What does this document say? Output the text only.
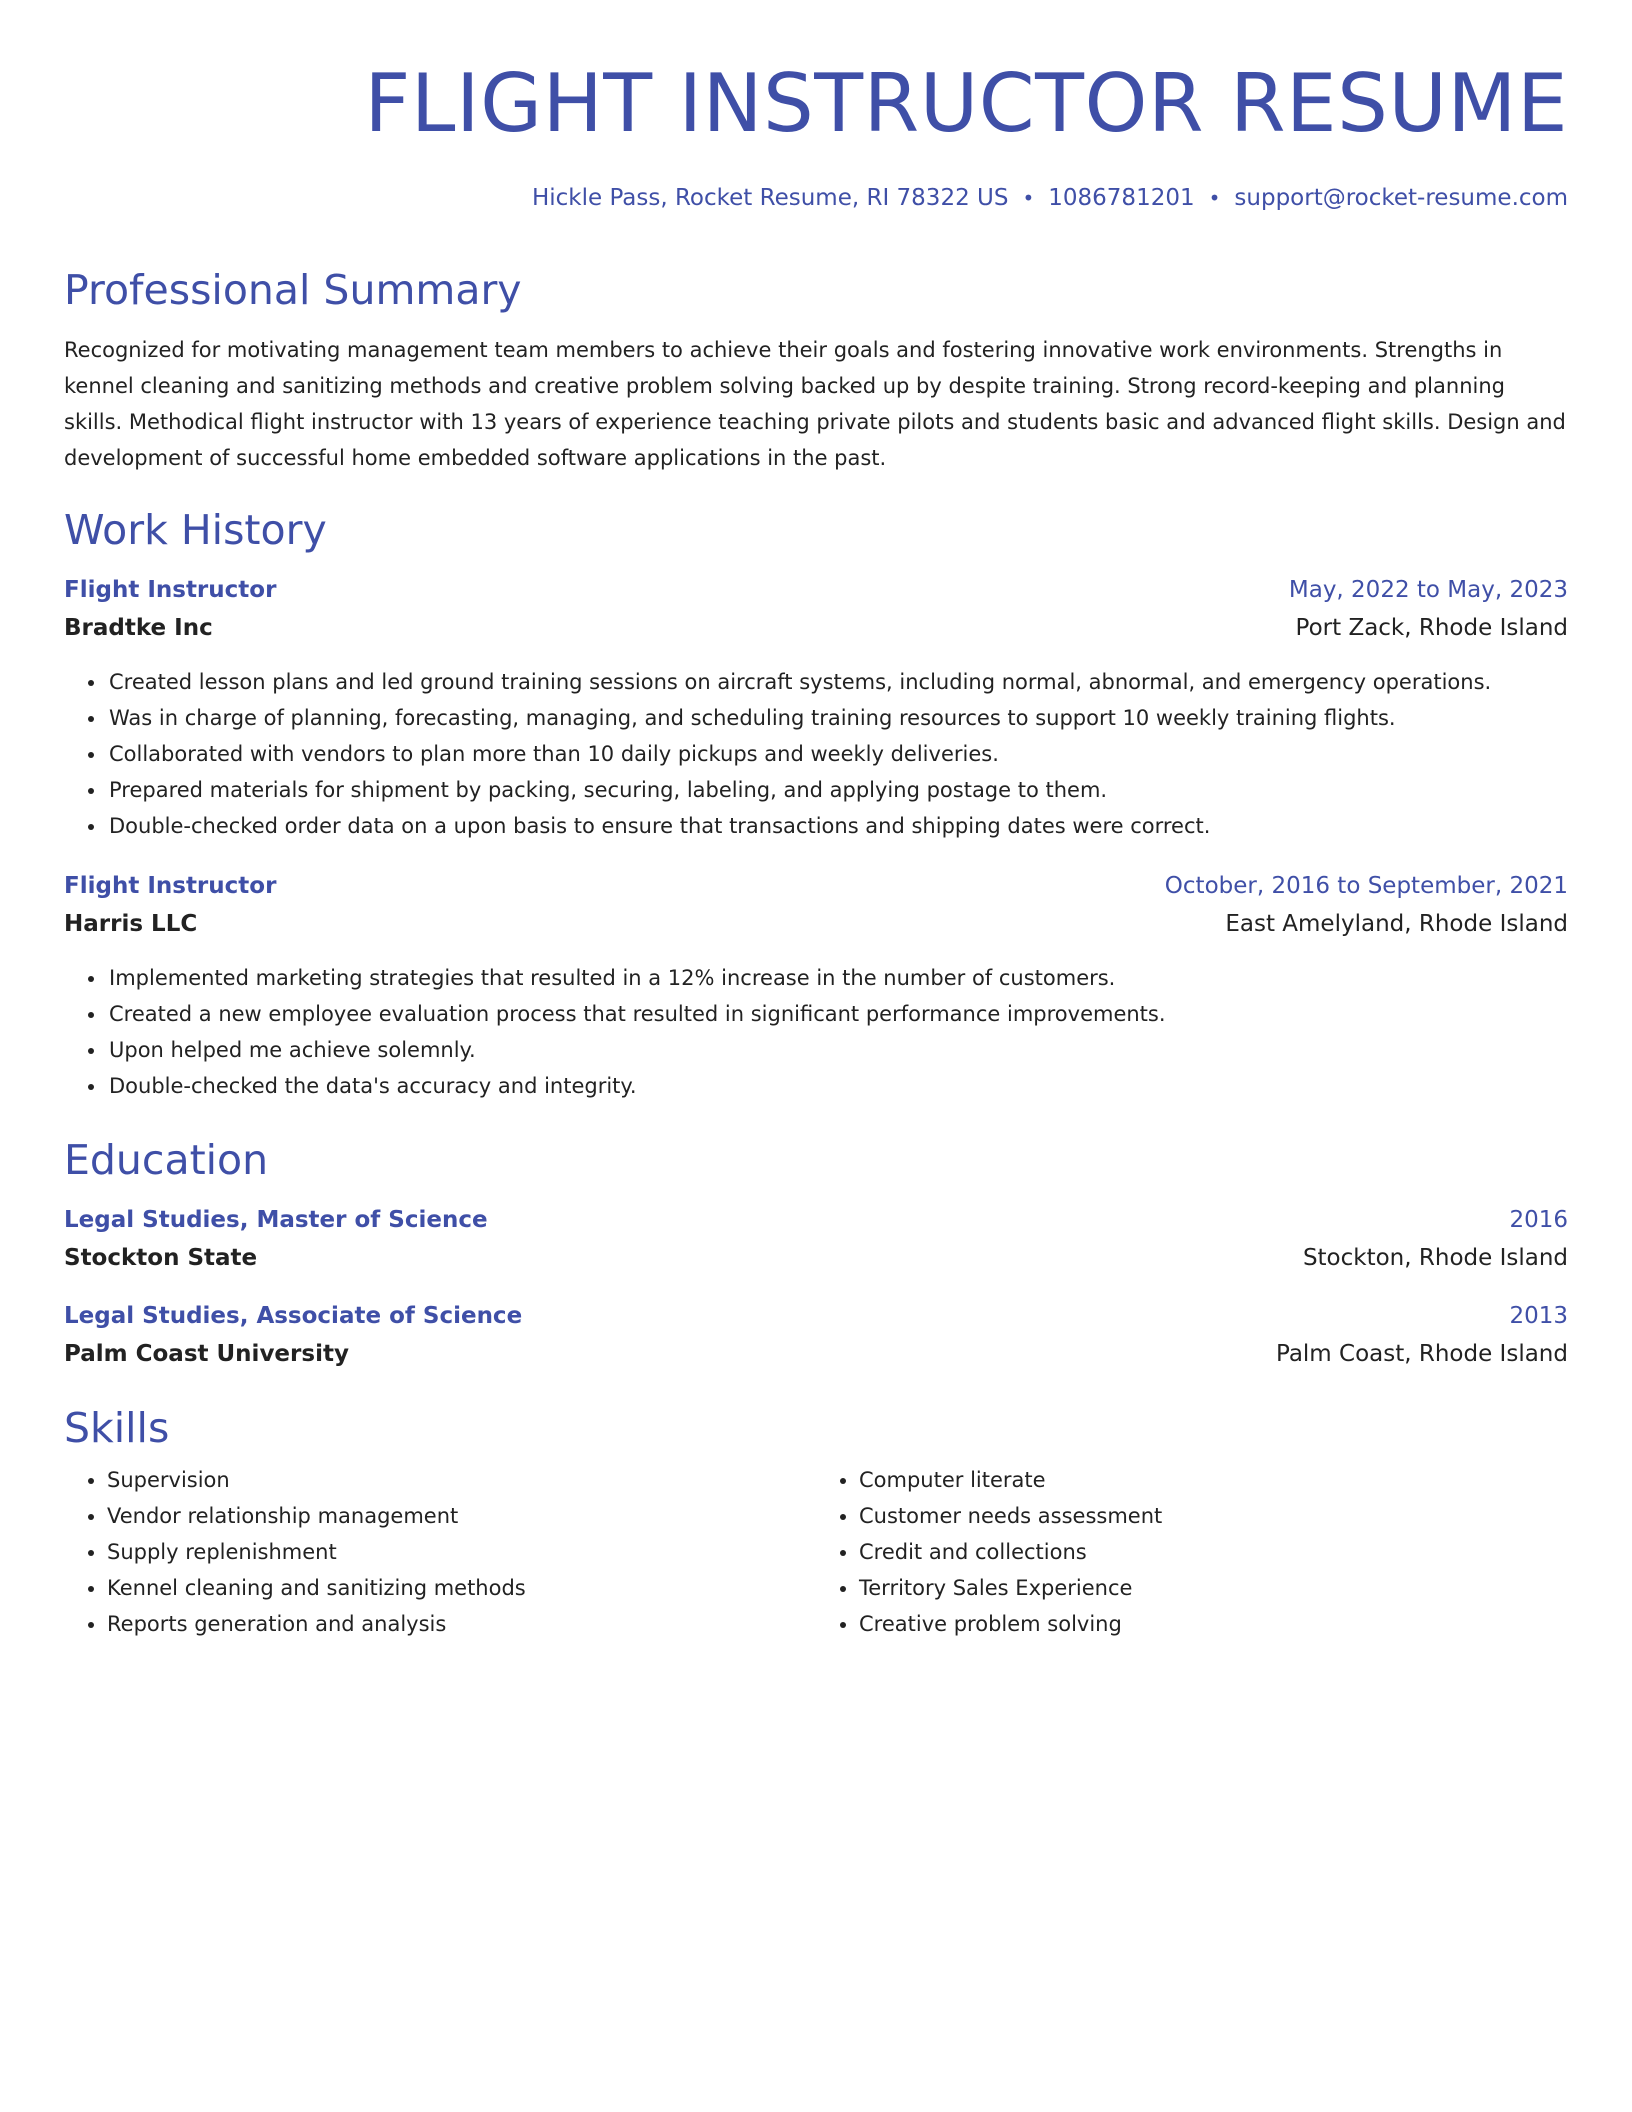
FLIGHT INSTRUCTOR RESUME
Hickle Pass, Rocket Resume, RI 78322 US • 1086781201 • support@rocket-resume.com
Professional Summary
Recognized for motivating management team members to achieve their goals and fostering innovative work environments. Strengths in kennel cleaning and sanitizing methods and creative problem solving backed up by despite training. Strong record-keeping and planning skills. Methodical flight instructor with 13 years of experience teaching private pilots and students basic and advanced flight skills. Design and development of successful home embedded software applications in the past.
Work History
Flight Instructor	May, 2022 to May, 2023
Bradtke Inc	Port Zack, Rhode Island
• Created lesson plans and led ground training sessions on aircraft systems, including normal, abnormal, and emergency operations.
• Was in charge of planning, forecasting, managing, and scheduling training resources to support 10 weekly training flights.
• Collaborated with vendors to plan more than 10 daily pickups and weekly deliveries.
• Prepared materials for shipment by packing, securing, labeling, and applying postage to them.
• Double-checked order data on a upon basis to ensure that transactions and shipping dates were correct.
Flight Instructor	October, 2016 to September, 2021
Harris LLC	East Amelyland, Rhode Island
• Implemented marketing strategies that resulted in a 12% increase in the number of customers.
• Created a new employee evaluation process that resulted in significant performance improvements.
• Upon helped me achieve solemnly.
• Double-checked the data's accuracy and integrity.
Education
Legal Studies, Master of Science	2016
Stockton State	Stockton, Rhode Island
Legal Studies, Associate of Science	2013
Palm Coast University	Palm Coast, Rhode Island
Skills
• Supervision
• Vendor relationship management
• Supply replenishment
• Kennel cleaning and sanitizing methods
• Reports generation and analysis
• Computer literate
• Customer needs assessment
• Credit and collections
• Territory Sales Experience
• Creative problem solving
